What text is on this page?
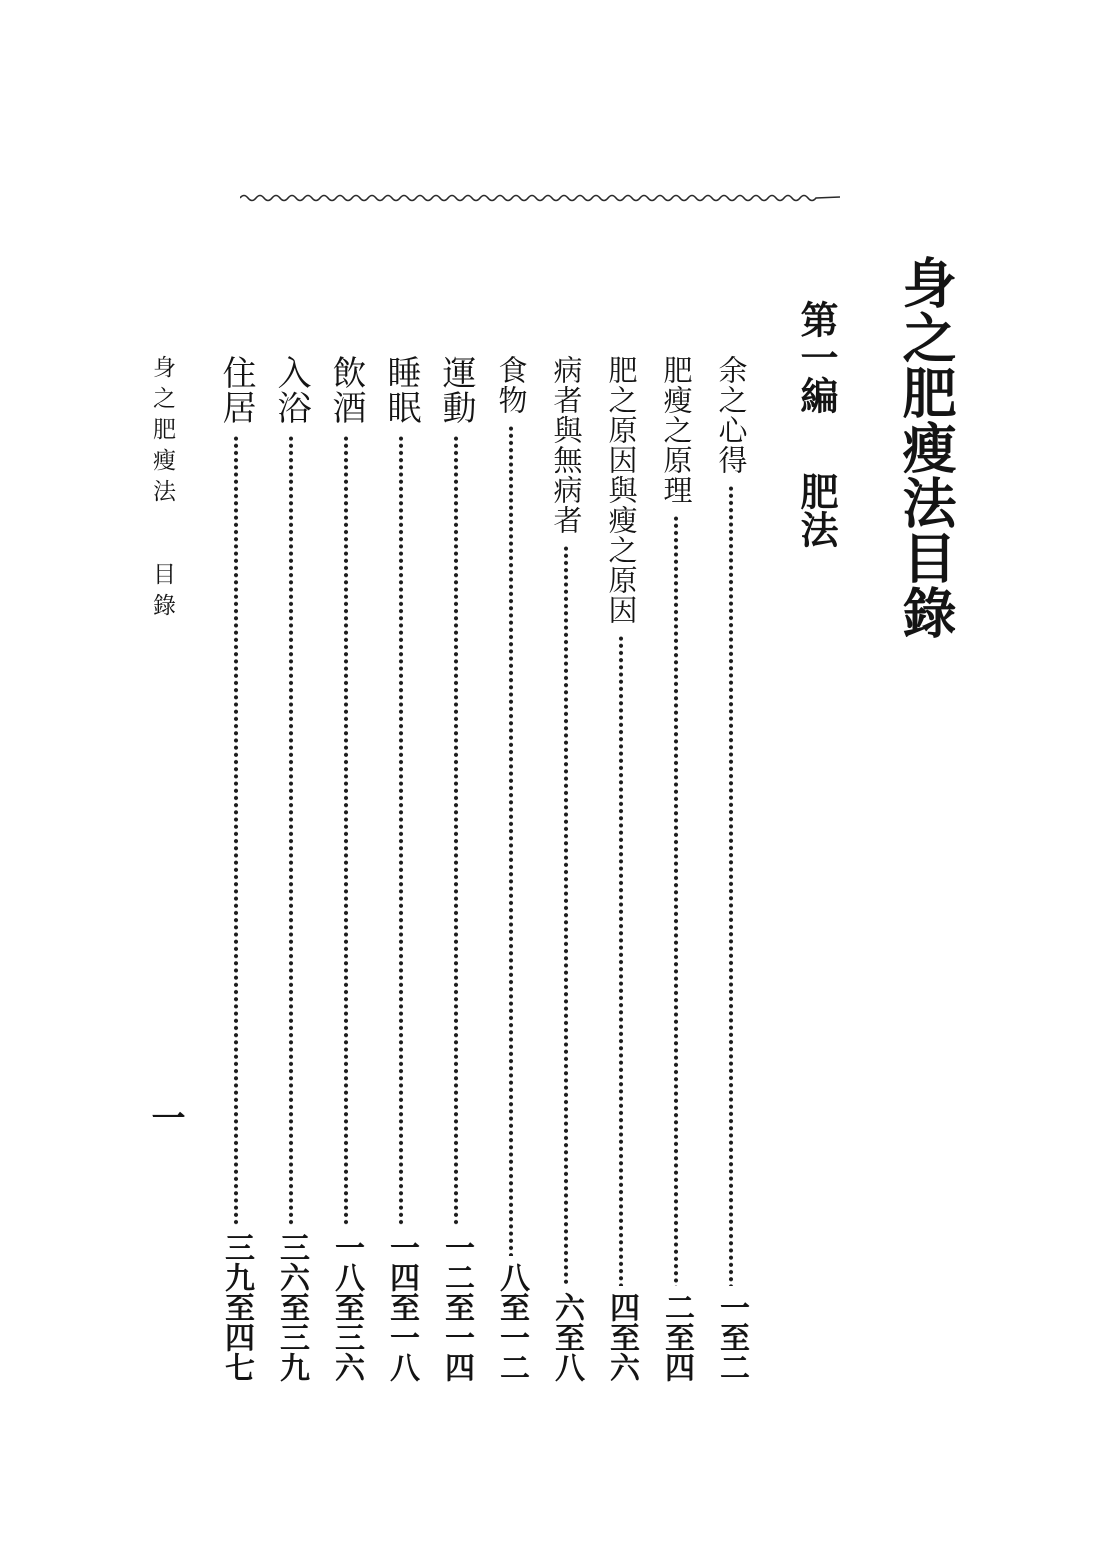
身之肥瘦法目錄
第一編肥法
余之心得
一至二
肥瘦之原理
二至四
肥之原因與瘦之原因
四至六
病者與無病者
六至八
食物
八至一二
運動
一二至一四
睡眠
一四至一八
飲酒
一八至三六
入浴
三六至三九
住居
三九至四七
身之肥瘦法目錄
一
